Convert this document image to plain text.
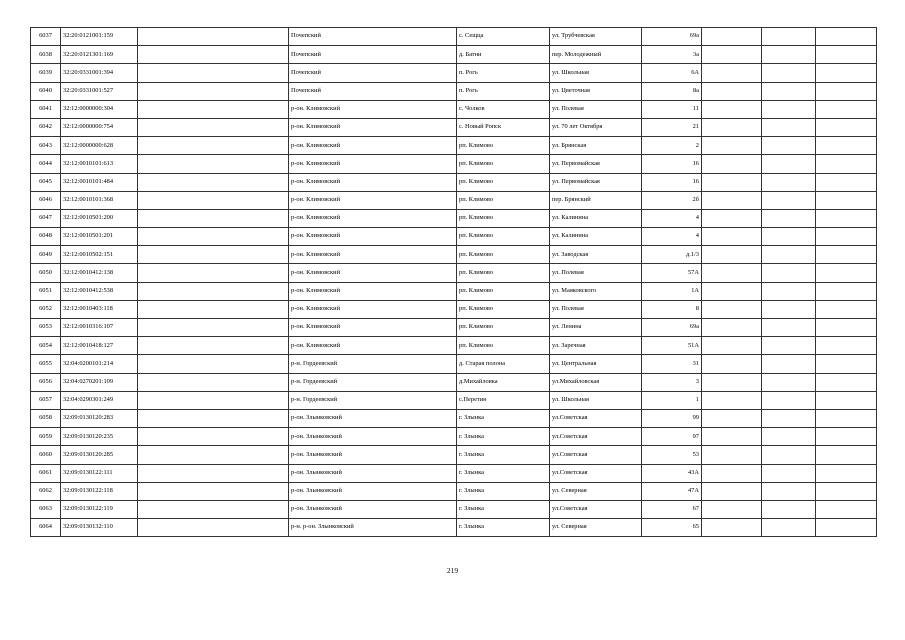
6037	32:20:0121001:159		Почепский	с. Сещца	ул. Трубчевская	69а			
6038	32:20:0121301:169		Почепский	д. Батни	пер. Молодежный	3а			
6039	32:20:0331001:394		Почепский	п. Рогь	ул. Школьная	6А			
6040	32:20:0331001:527		Почепский	п. Рогь	ул. Цветочная	8а			
6041	32:12:0000000:304		р-он. Климовский	с. Чолков	ул. Полевая	11			
6042	32:12:0000000:754		р-он. Климовский	с. Новый Ропск	ул. 70 лет Октября	21			
6043	32:12:0000000:628		р-он. Климовский	рп. Климово	ул. Брянская	2			
6044	32:12:0010101:613		р-он. Климовский	рп. Климово	ул. Первомайская	16			
6045	32:12:0010101:484		р-он. Климовский	рп. Климово	ул. Первомайская	16			
6046	32:12:0010101:368		р-он. Климовский	рп. Климово	пер. Брянский	2б			
6047	32:12:0010501:200		р-он. Климовский	рп. Климово	ул. Калинина	4			
6048	32:12:0010501:201		р-он. Климовский	рп. Климово	ул. Калинина	4			
6049	32:12:0010502:151		р-он. Климовский	рп. Климово	ул. Заводская	д.1/3			
6050	32:12:0010412:138		р-он. Климовский	рп. Климово	ул. Полевая	57А			
6051	32:12:0010412:538		р-он. Климовский	рп. Климово	ул. Маяковского	1А			
6052	32:12:0010403:118		р-он. Климовский	рп. Климово	ул. Полевая	8			
6053	32:12:0010316:107		р-он. Климовский	рп. Климово	ул. Ленина	69а			
6054	32:12:0010418:127		р-он. Климовский	рп. Климово	ул. Заречная	51А			
6055	32:04:0200101:214		р-н. Гордеевский	д. Старая полона	ул. Центральная	31			
6056	32:04:0270201:109		р-н. Гордеевский	д.Михайловка	ул.Михайловская	3			
6057	32:04:0290301:249		р-н. Гордеевский	с.Перетин	ул. Школьная	1			
6058	32:09:0130120:283		р-он. Злынковский	г. Злынка	ул.Советская	99			
6059	32:09:0130120:235		р-он. Злынковский	г. Злынка	ул.Советская	97			
6060	32:09:0130120:285		р-он. Злынковский	г. Злынка	ул.Советская	53			
6061	32:09:0130122:111		р-он. Злынковский	г. Злынка	ул.Советская	43А			
6062	32:09:0130122:118		р-он. Злынковский	г. Злынка	ул. Северная	47А			
6063	32:09:0130122:119		р-он. Злынковский	г. Злынка	ул.Советская	67			
6064	32:09:0130132:110		р-н. р-он. Злынковский	г. Злынка	ул. Северная	65			
219
